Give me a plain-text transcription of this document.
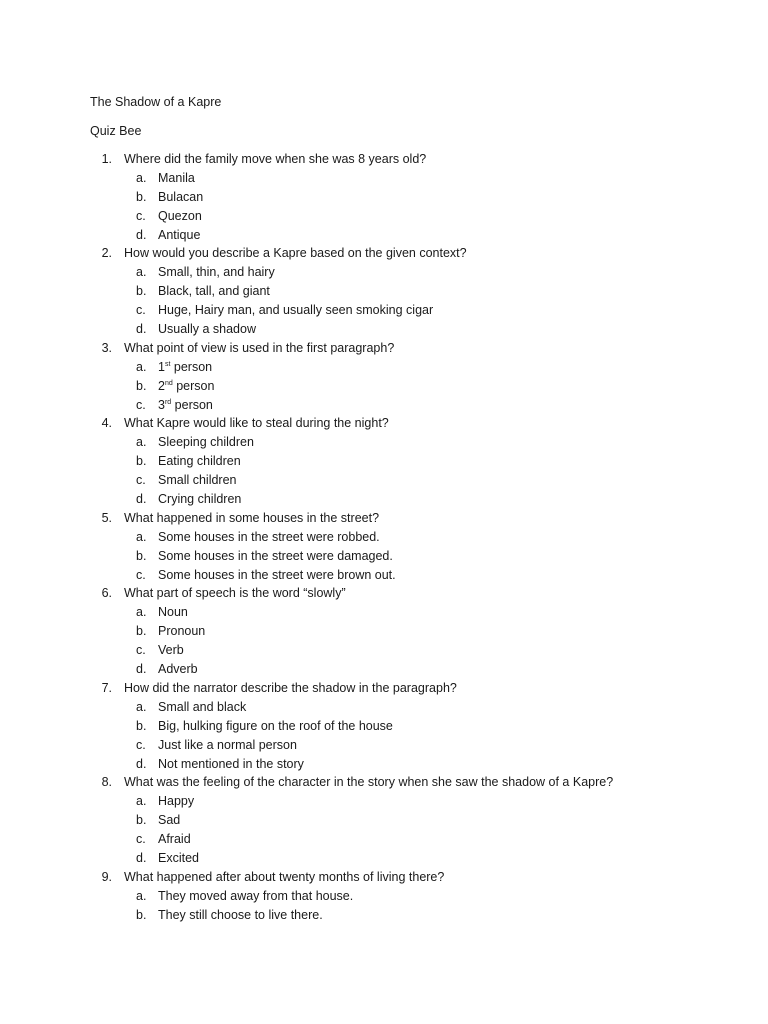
The Shadow of a Kapre
Quiz Bee
1. Where did the family move when she was 8 years old?
a. Manila
b. Bulacan
c. Quezon
d. Antique
2. How would you describe a Kapre based on the given context?
a. Small, thin, and hairy
b. Black, tall, and giant
c. Huge, Hairy man, and usually seen smoking cigar
d. Usually a shadow
3. What point of view is used in the first paragraph?
a. 1st person
b. 2nd person
c. 3rd person
4. What Kapre would like to steal during the night?
a. Sleeping children
b. Eating children
c. Small children
d. Crying children
5. What happened in some houses in the street?
a. Some houses in the street were robbed.
b. Some houses in the street were damaged.
c. Some houses in the street were brown out.
6. What part of speech is the word “slowly”
a. Noun
b. Pronoun
c. Verb
d. Adverb
7. How did the narrator describe the shadow in the paragraph?
a. Small and black
b. Big, hulking figure on the roof of the house
c. Just like a normal person
d. Not mentioned in the story
8. What was the feeling of the character in the story when she saw the shadow of a Kapre?
a. Happy
b. Sad
c. Afraid
d. Excited
9. What happened after about twenty months of living there?
a. They moved away from that house.
b. They still choose to live there.
